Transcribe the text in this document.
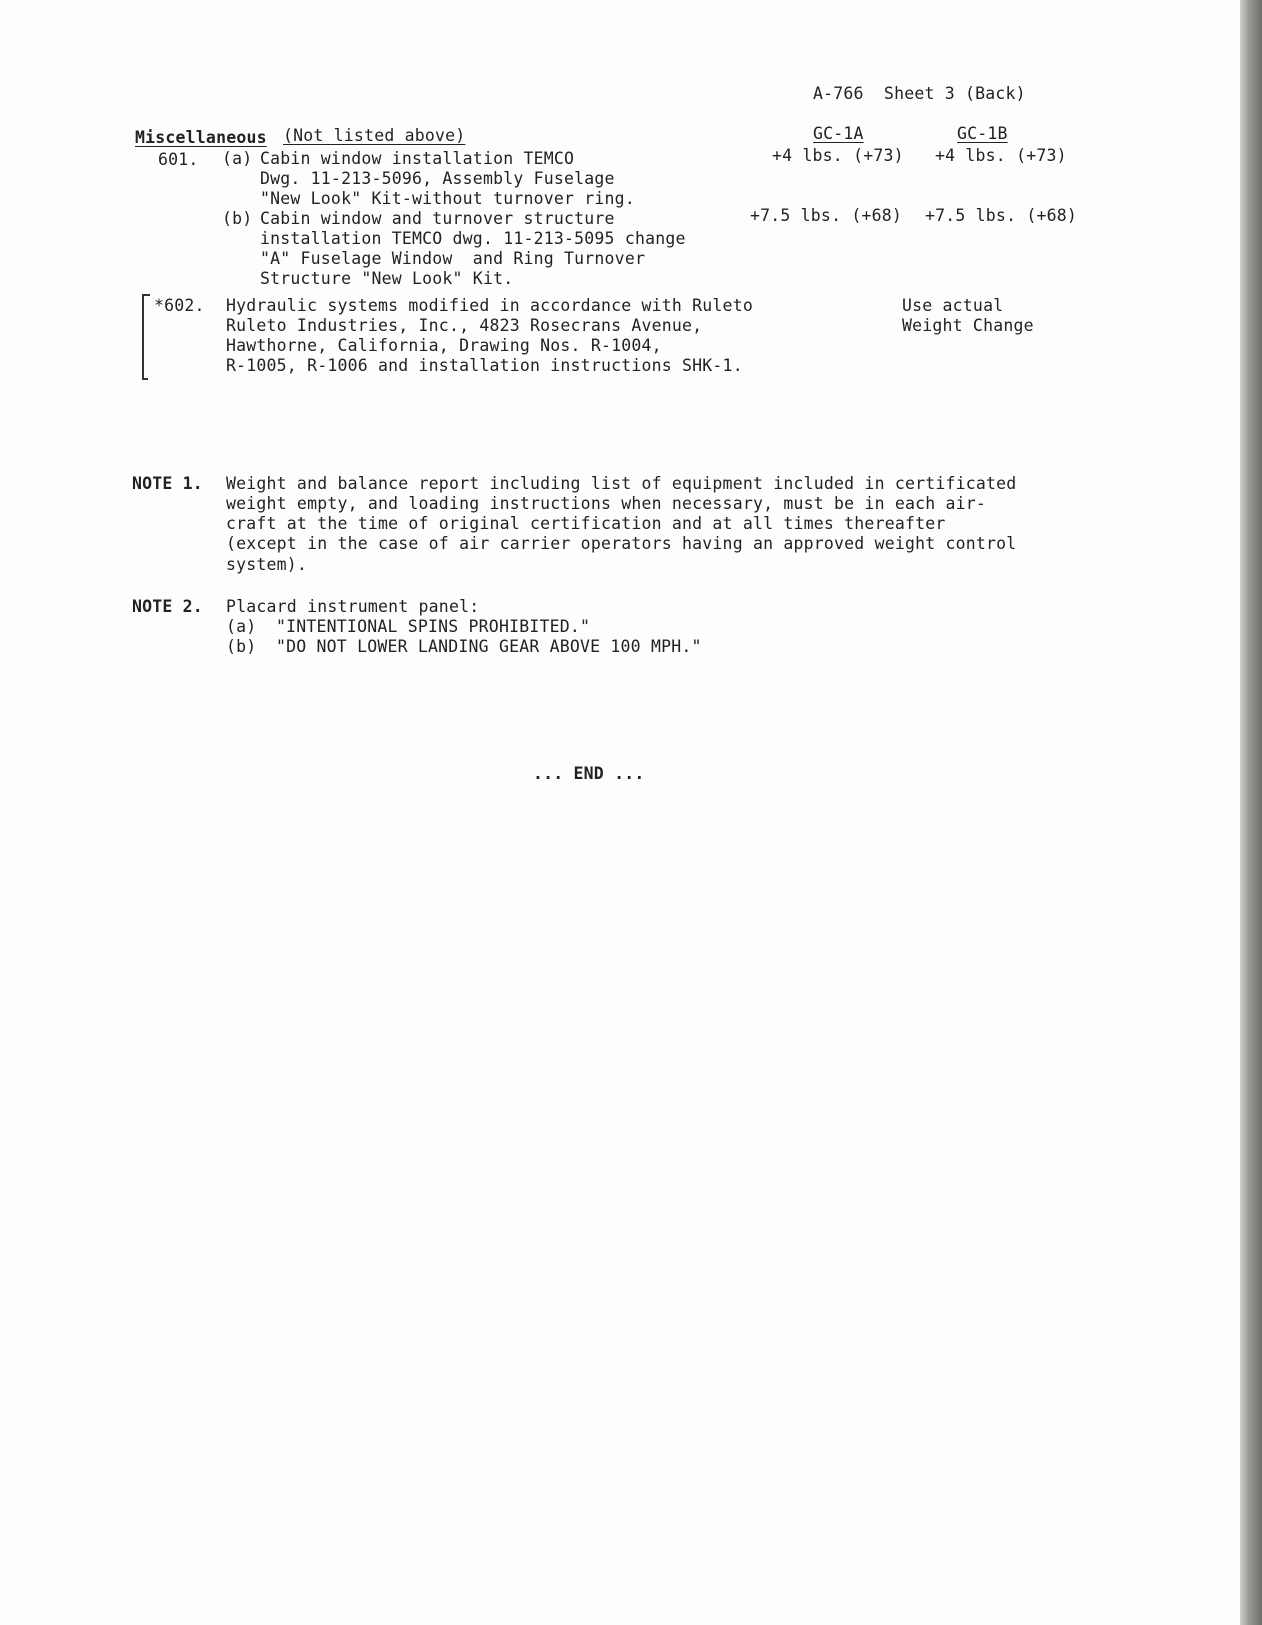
A-766  Sheet 3 (Back)
Miscellaneous (Not listed above)	GC-1A	GC-1B
601. (a) Cabin window installation TEMCO
Dwg. 11-213-5096, Assembly Fuselage
"New Look" Kit-without turnover ring.
+4 lbs. (+73) +4 lbs. (+73)
(b) Cabin window and turnover structure
installation TEMCO dwg. 11-213-5095 change
"A" Fuselage Window  and Ring Turnover
Structure "New Look" Kit.
+7.5 lbs. (+68) +7.5 lbs. (+68)
*602. Hydraulic systems modified in accordance with Ruleto
Ruleto Industries, Inc., 4823 Rosecrans Avenue,
Hawthorne, California, Drawing Nos. R-1004,
R-1005, R-1006 and installation instructions SHK-1.
Use actual
Weight Change
NOTE 1. Weight and balance report including list of equipment included in certificated
weight empty, and loading instructions when necessary, must be in each air-
craft at the time of original certification and at all times thereafter
(except in the case of air carrier operators having an approved weight control
system).
NOTE 2. Placard instrument panel:
(a) "INTENTIONAL SPINS PROHIBITED."
(b) "DO NOT LOWER LANDING GEAR ABOVE 100 MPH."
... END ...
